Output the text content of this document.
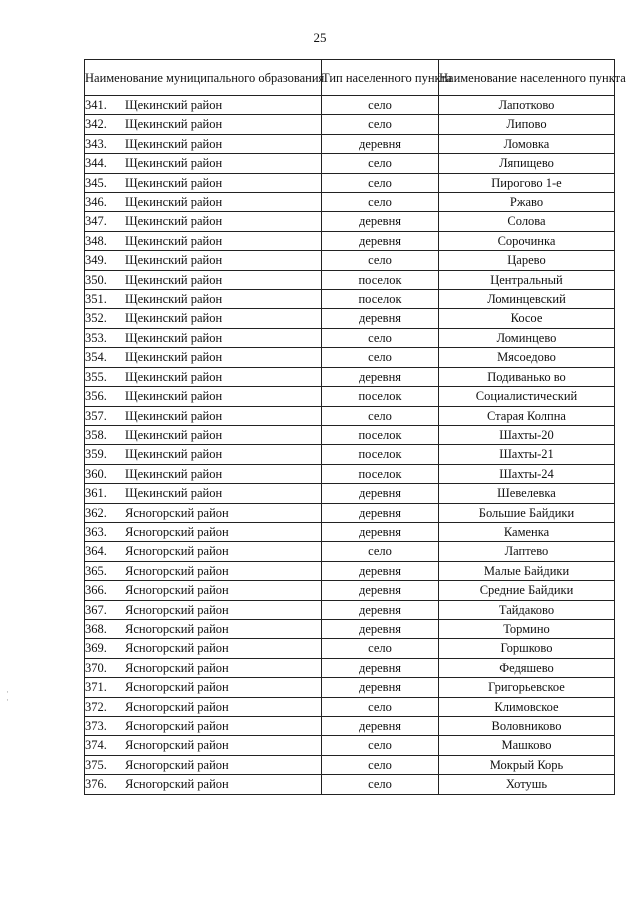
25
Наименование муниципального образования	Тип населенного пункта	Наименование населенного пункта
341. Щекинский район	село	Лапотково
342. Щекинский район	село	Липово
343. Щекинский район	деревня	Ломовка
344. Щекинский район	село	Ляпищево
345. Щекинский район	село	Пирогово 1-е
346. Щекинский район	село	Ржаво
347. Щекинский район	деревня	Солова
348. Щекинский район	деревня	Сорочинка
349. Щекинский район	село	Царево
350. Щекинский район	поселок	Центральный
351. Щекинский район	поселок	Ломинцевский
352. Щекинский район	деревня	Косое
353. Щекинский район	село	Ломинцево
354. Щекинский район	село	Мясоедово
355. Щекинский район	деревня	Подиванько во
356. Щекинский район	поселок	Социалистический
357. Щекинский район	село	Старая Колпна
358. Щекинский район	поселок	Шахты-20
359. Щекинский район	поселок	Шахты-21
360. Щекинский район	поселок	Шахты-24
361. Щекинский район	деревня	Шевелевка
362. Ясногорский район	деревня	Большие Байдики
363. Ясногорский район	деревня	Каменка
364. Ясногорский район	село	Лаптево
365. Ясногорский район	деревня	Малые Байдики
366. Ясногорский район	деревня	Средние Байдики
367. Ясногорский район	деревня	Тайдаково
368. Ясногорский район	деревня	Тормино
369. Ясногорский район	село	Горшково
370. Ясногорский район	деревня	Федяшево
371. Ясногорский район	деревня	Григорьевское
372. Ясногорский район	село	Климовское
373. Ясногорский район	деревня	Воловниково
374. Ясногорский район	село	Машково
375. Ясногорский район	село	Мокрый Корь
376. Ясногорский район	село	Хотушь
·
·
